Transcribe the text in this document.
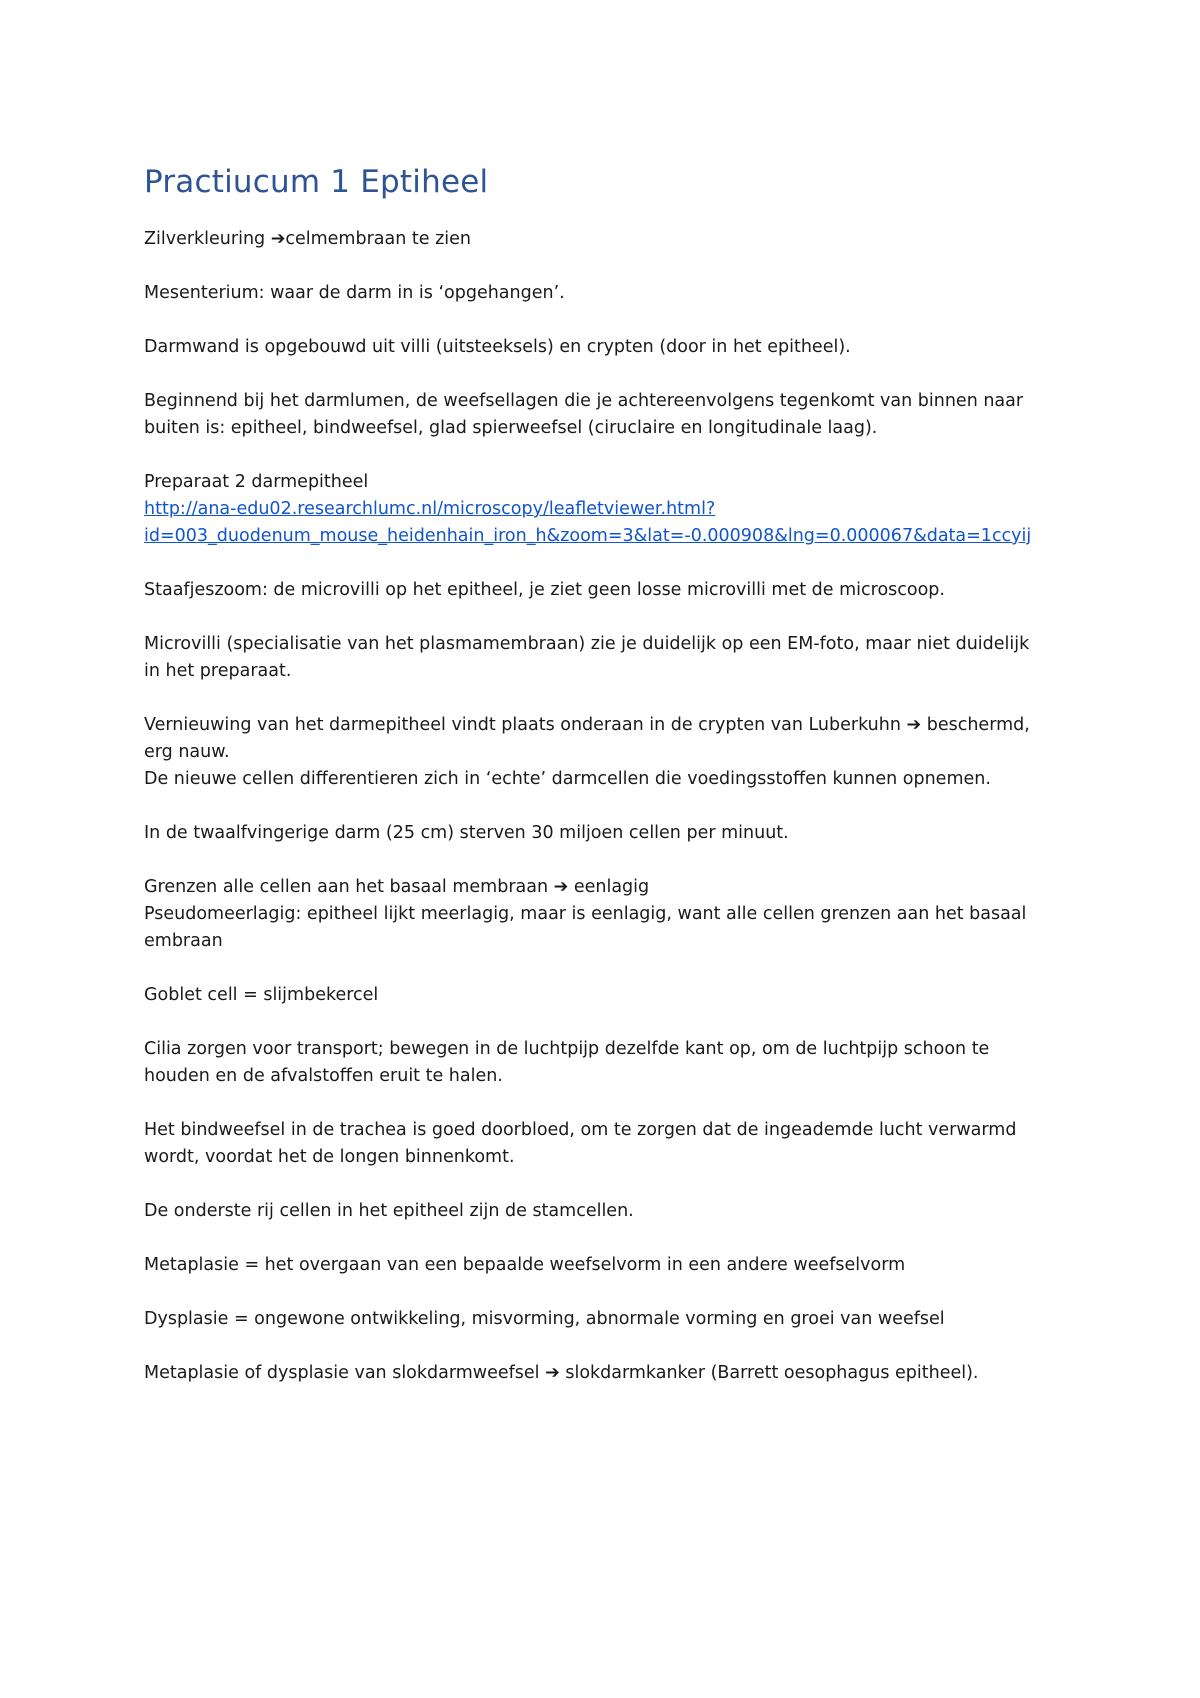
Practiucum 1 Eptiheel
Zilverkleuring ➔celmembraan te zien
Mesenterium: waar de darm in is ‘opgehangen’.
Darmwand is opgebouwd uit villi (uitsteeksels) en crypten (door in het epitheel).
Beginnend bij het darmlumen, de weefsellagen die je achtereenvolgens tegenkomt van binnen naar
buiten is: epitheel, bindweefsel, glad spierweefsel (ciruclaire en longitudinale laag).
Preparaat 2 darmepitheel
http://ana-edu02.researchlumc.nl/microscopy/leafletviewer.html?
id=003_duodenum_mouse_heidenhain_iron_h&zoom=3&lat=-0.000908&lng=0.000067&data=1ccyij
Staafjeszoom: de microvilli op het epitheel, je ziet geen losse microvilli met de microscoop.
Microvilli (specialisatie van het plasmamembraan) zie je duidelijk op een EM-foto, maar niet duidelijk
in het preparaat.
Vernieuwing van het darmepitheel vindt plaats onderaan in de crypten van Luberkuhn ➔ beschermd,
erg nauw.
De nieuwe cellen differentieren zich in ‘echte’ darmcellen die voedingsstoffen kunnen opnemen.
In de twaalfvingerige darm (25 cm) sterven 30 miljoen cellen per minuut.
Grenzen alle cellen aan het basaal membraan ➔ eenlagig
Pseudomeerlagig: epitheel lijkt meerlagig, maar is eenlagig, want alle cellen grenzen aan het basaal
embraan
Goblet cell = slijmbekercel
Cilia zorgen voor transport; bewegen in de luchtpijp dezelfde kant op, om de luchtpijp schoon te
houden en de afvalstoffen eruit te halen.
Het bindweefsel in de trachea is goed doorbloed, om te zorgen dat de ingeademde lucht verwarmd
wordt, voordat het de longen binnenkomt.
De onderste rij cellen in het epitheel zijn de stamcellen.
Metaplasie = het overgaan van een bepaalde weefselvorm in een andere weefselvorm
Dysplasie = ongewone ontwikkeling, misvorming, abnormale vorming en groei van weefsel
Metaplasie of dysplasie van slokdarmweefsel ➔ slokdarmkanker (Barrett oesophagus epitheel).
